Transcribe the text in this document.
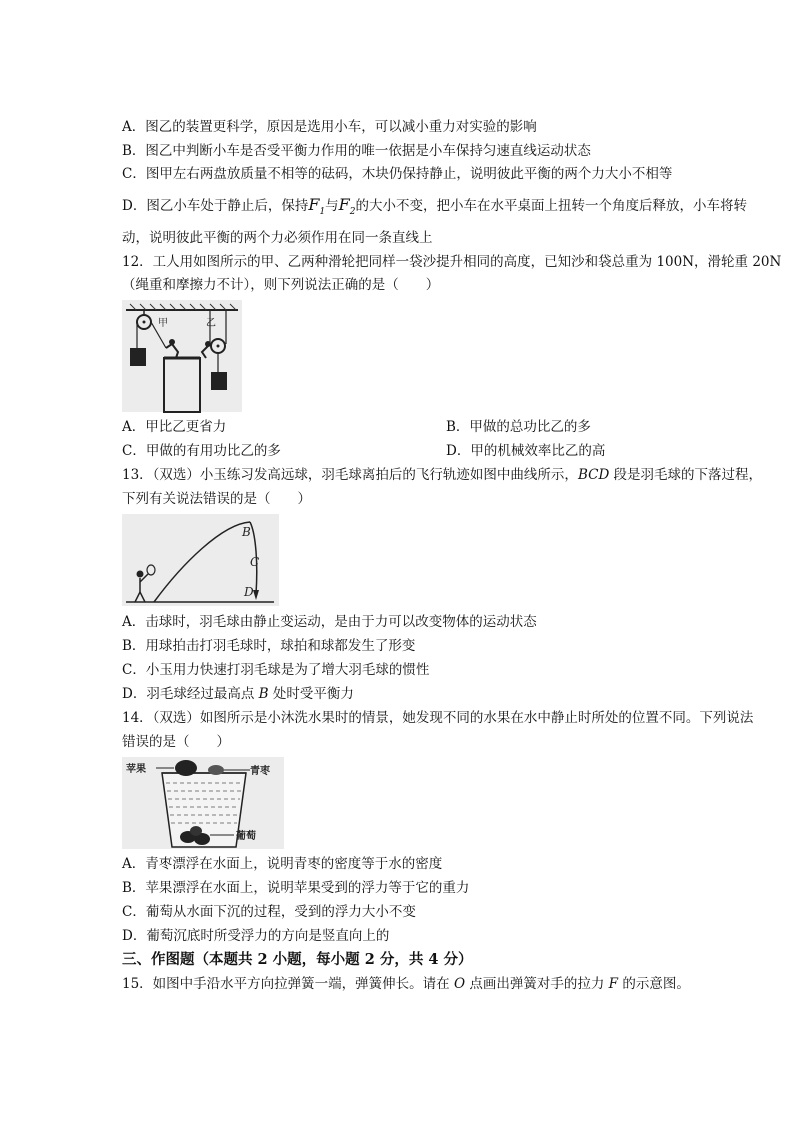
A．图乙的装置更科学，原因是选用小车，可以减小重力对实验的影响
B．图乙中判断小车是否受平衡力作用的唯一依据是小车保持匀速直线运动状态
C．图甲左右两盘放质量不相等的砝码，木块仍保持静止，说明彼此平衡的两个力大小不相等
D．图乙小车处于静止后，保持$F_1$与$F_2$的大小不变，把小车在水平桌面上扭转一个角度后释放，小车将转
动，说明彼此平衡的两个力必须作用在同一条直线上
12．工人用如图所示的甲、乙两种滑轮把同样一袋沙提升相同的高度，已知沙和袋总重为 100N，滑轮重 20N
（绳重和摩擦力不计），则下列说法正确的是（　　）
甲	乙
A．甲比乙更省力	B．甲做的总功比乙的多
C．甲做的有用功比乙的多	D．甲的机械效率比乙的高
13．（双选）小玉练习发高远球，羽毛球离拍后的飞行轨迹如图中曲线所示，BCD 段是羽毛球的下落过程，
下列有关说法错误的是（　　）
B
C
D
A．击球时，羽毛球由静止变运动，是由于力可以改变物体的运动状态
B．用球拍击打羽毛球时，球拍和球都发生了形变
C．小玉用力快速打羽毛球是为了增大羽毛球的惯性
D．羽毛球经过最高点 B 处时受平衡力
14．（双选）如图所示是小沐洗水果时的情景，她发现不同的水果在水中静止时所处的位置不同。下列说法
错误的是（　　）
苹果	青枣
葡萄
A．青枣漂浮在水面上，说明青枣的密度等于水的密度
B．苹果漂浮在水面上，说明苹果受到的浮力等于它的重力
C．葡萄从水面下沉的过程，受到的浮力大小不变
D．葡萄沉底时所受浮力的方向是竖直向上的
三、作图题（本题共 2 小题，每小题 2 分，共 4 分）
15．如图中手沿水平方向拉弹簧一端，弹簧伸长。请在 O 点画出弹簧对手的拉力 F 的示意图。
